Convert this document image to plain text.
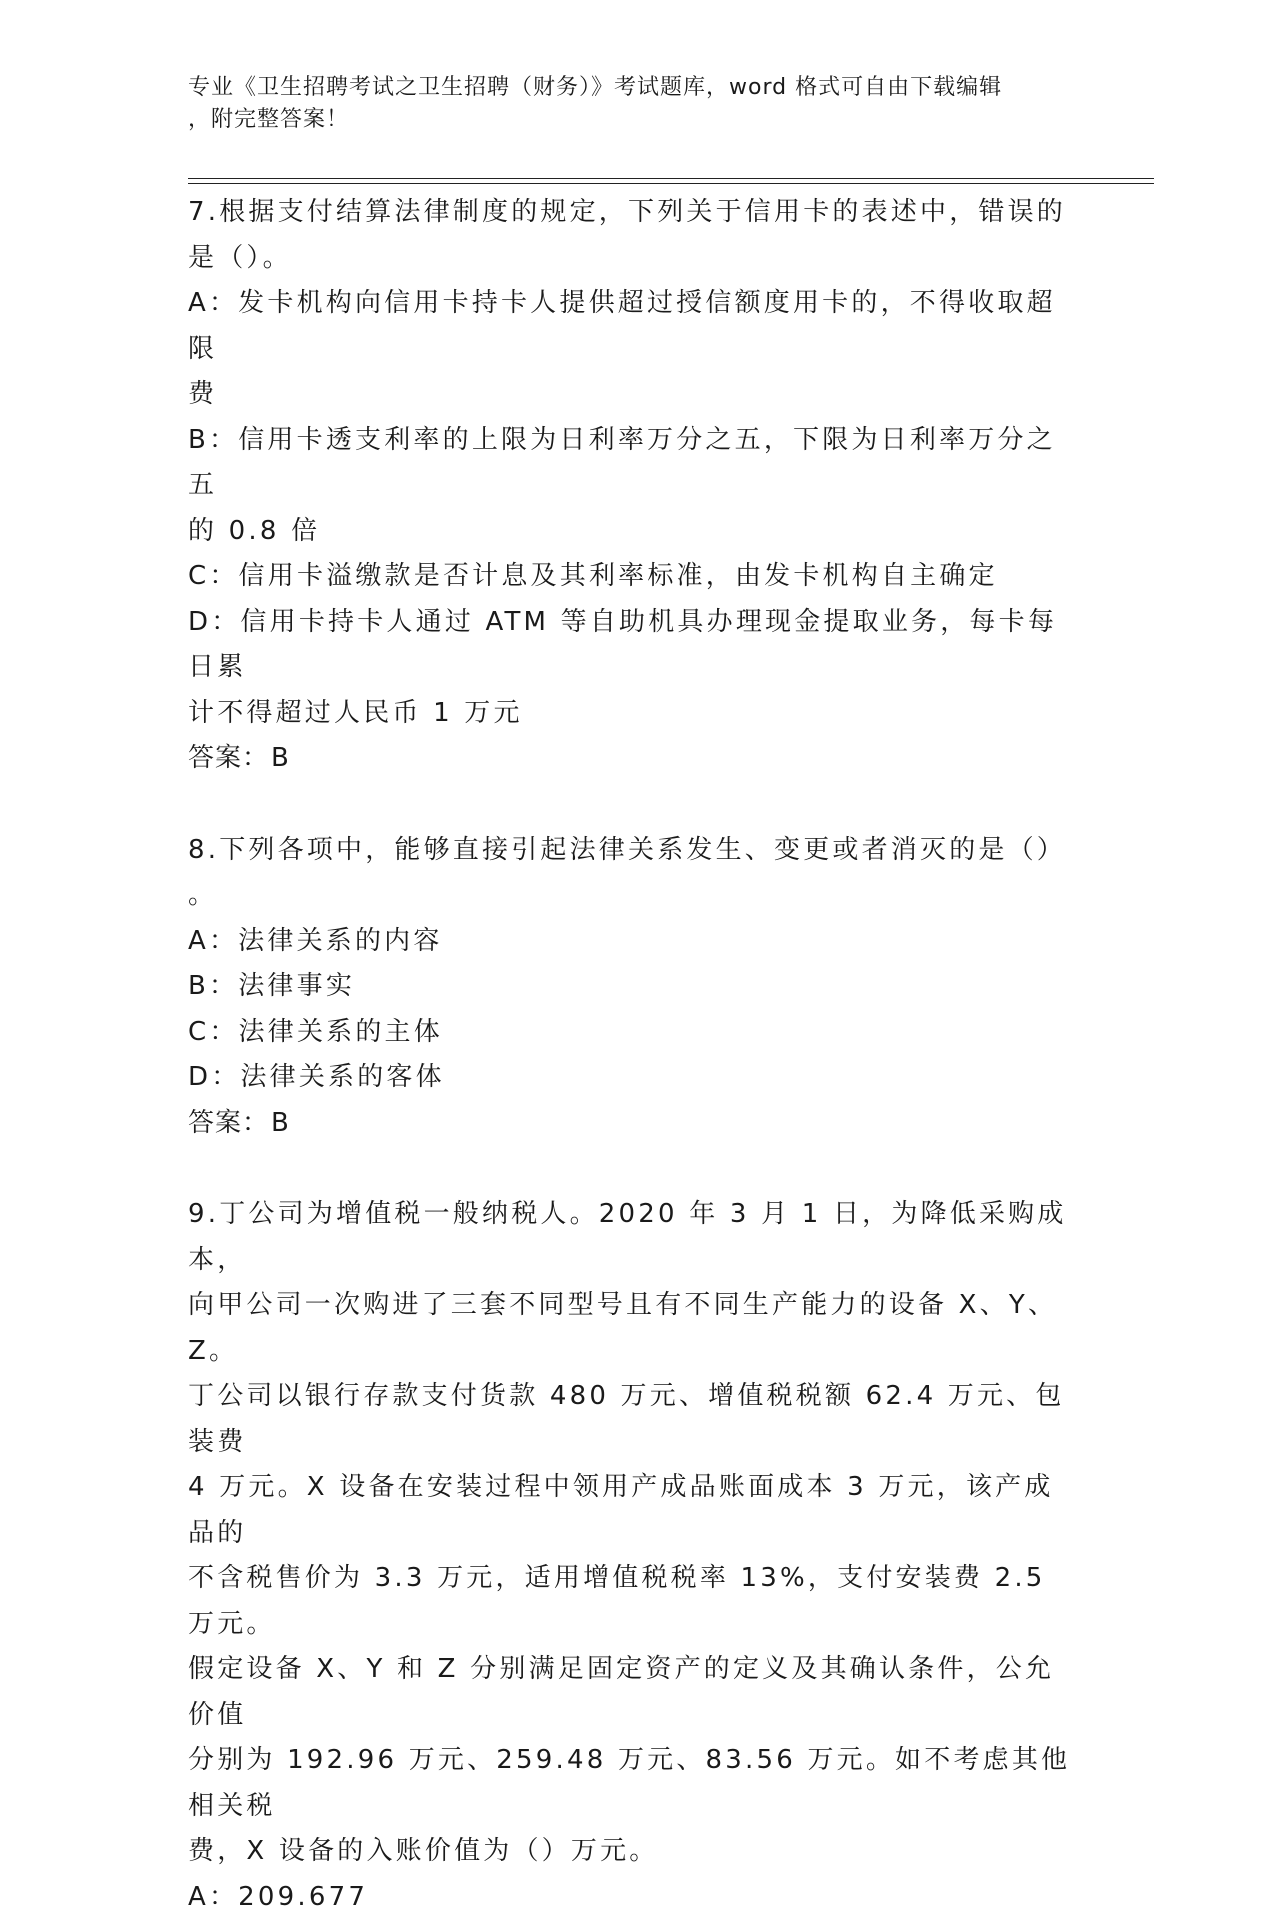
专业《卫生招聘考试之卫生招聘（财务）》考试题库，word 格式可自由下载编辑
，附完整答案！

7.根据支付结算法律制度的规定，下列关于信用卡的表述中，错误的

是（）。

A：发卡机构向信用卡持卡人提供超过授信额度用卡的，不得收取超限

费

B：信用卡透支利率的上限为日利率万分之五，下限为日利率万分之五

的 0.8 倍

C：信用卡溢缴款是否计息及其利率标准，由发卡机构自主确定

D：信用卡持卡人通过 ATM 等自助机具办理现金提取业务，每卡每日累

计不得超过人民币 1 万元

答案：B

8.下列各项中，能够直接引起法律关系发生、变更或者消灭的是（）

。

A：法律关系的内容

B：法律事实

C：法律关系的主体

D：法律关系的客体

答案：B

9.丁公司为增值税一般纳税人。2020 年 3 月 1 日，为降低采购成本，

向甲公司一次购进了三套不同型号且有不同生产能力的设备 X、Y、Z。

丁公司以银行存款支付货款 480 万元、增值税税额 62.4 万元、包装费

4 万元。X 设备在安装过程中领用产成品账面成本 3 万元，该产成品的

不含税售价为 3.3 万元，适用增值税税率 13%，支付安装费 2.5 万元。

假定设备 X、Y 和 Z 分别满足固定资产的定义及其确认条件，公允价值

分别为 192.96 万元、259.48 万元、83.56 万元。如不考虑其他相关税

费，X 设备的入账价值为（）万元。

A：209.677
